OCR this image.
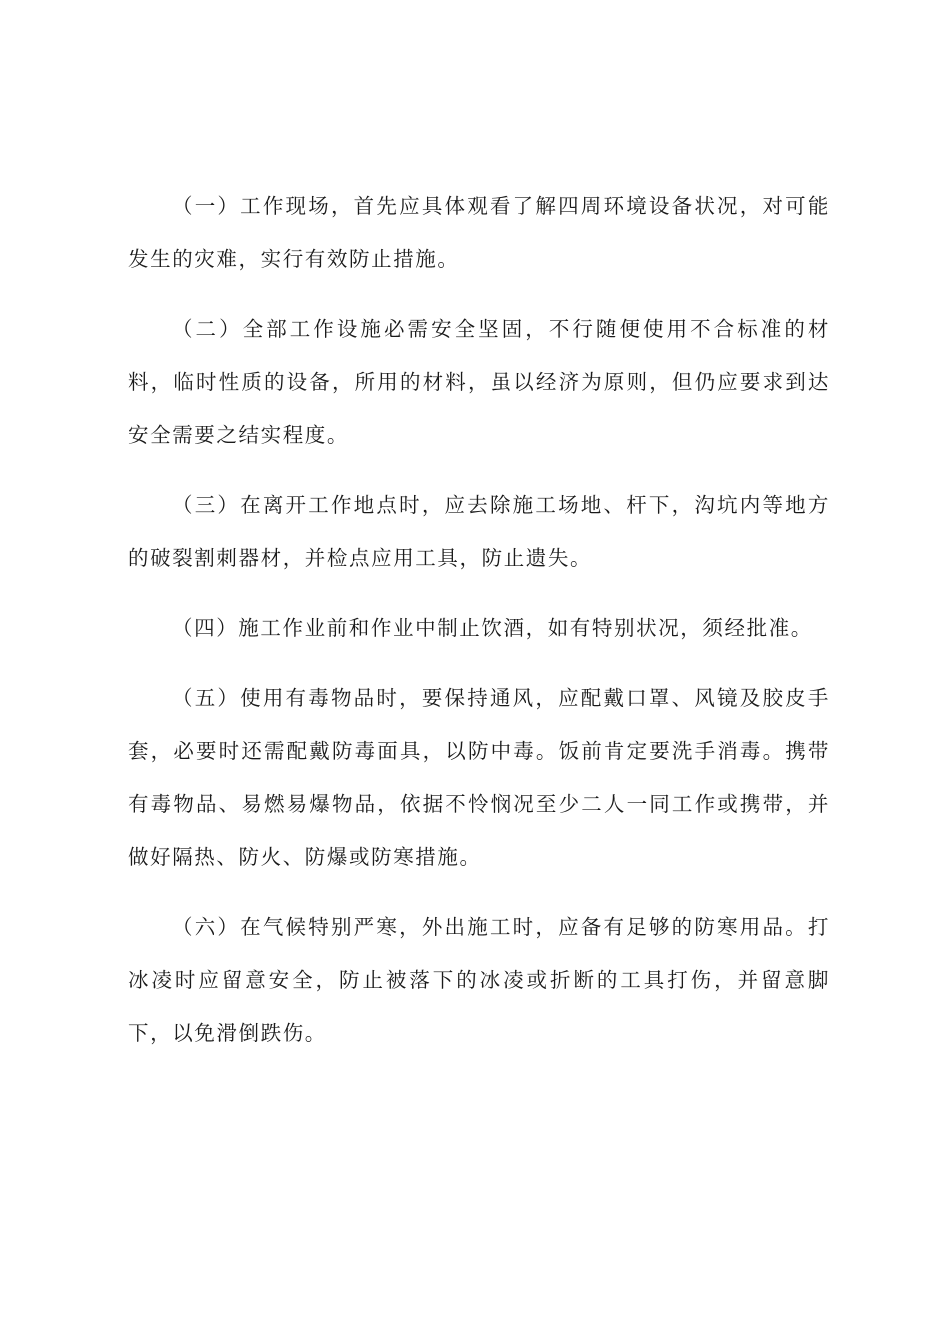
（一）工作现场，首先应具体观看了解四周环境设备状况，对可能发生的灾难，实行有效防止措施。

（二）全部工作设施必需安全坚固，不行随便使用不合标准的材料，临时性质的设备，所用的材料，虽以经济为原则，但仍应要求到达安全需要之结实程度。

（三）在离开工作地点时，应去除施工场地、杆下，沟坑内等地方的破裂割刺器材，并检点应用工具，防止遗失。

（四）施工作业前和作业中制止饮酒，如有特别状况，须经批准。

（五）使用有毒物品时，要保持通风，应配戴口罩、风镜及胶皮手套，必要时还需配戴防毒面具，以防中毒。饭前肯定要洗手消毒。携带有毒物品、易燃易爆物品，依据不怜悯况至少二人一同工作或携带，并做好隔热、防火、防爆或防寒措施。

（六）在气候特别严寒，外出施工时，应备有足够的防寒用品。打冰凌时应留意安全，防止被落下的冰凌或折断的工具打伤，并留意脚下，以免滑倒跌伤。
